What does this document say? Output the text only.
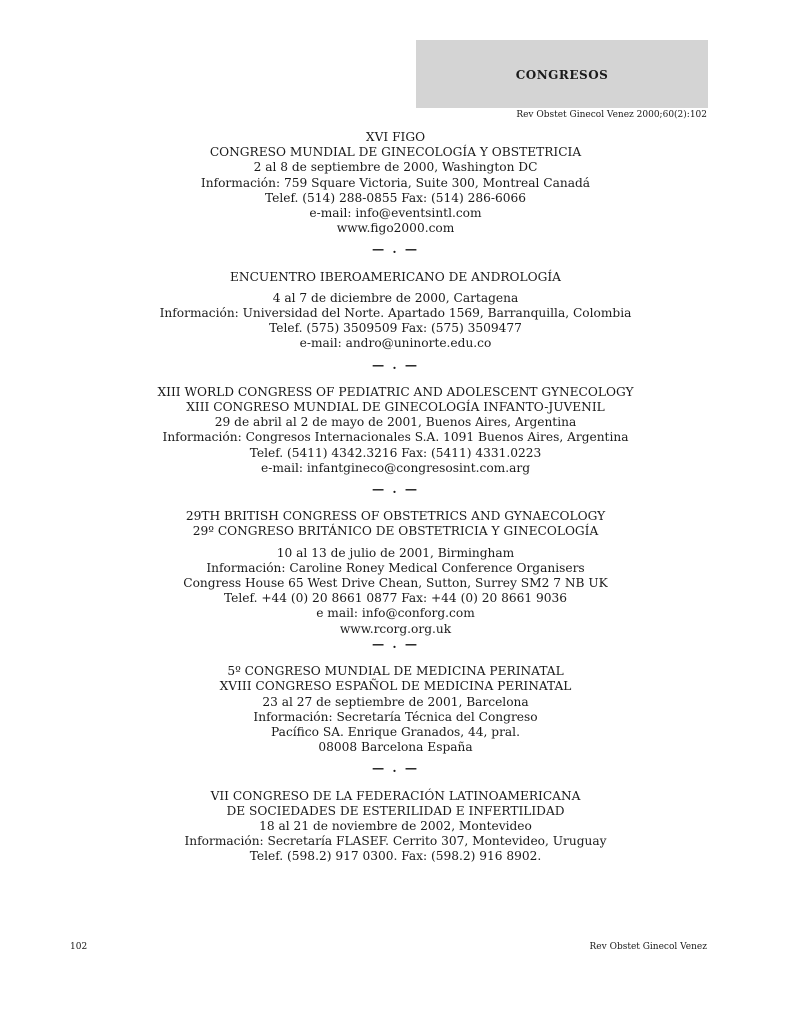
CONGRESOS
Rev Obstet Ginecol Venez 2000;60(2):102
XVI FIGO
CONGRESO MUNDIAL DE GINECOLOGÍA Y OBSTETRICIA
2 al 8 de septiembre de 2000, Washington DC
Información: 759 Square Victoria, Suite 300, Montreal Canadá
Telef. (514) 288-0855 Fax: (514) 286-6066
e-mail: info@eventsintl.com
www.figo2000.com
— . —
ENCUENTRO IBEROAMERICANO DE ANDROLOGÍA
4 al 7 de diciembre de 2000, Cartagena
Información: Universidad del Norte. Apartado 1569, Barranquilla, Colombia
Telef. (575) 3509509 Fax: (575) 3509477
e-mail: andro@uninorte.edu.co
— . —
XIII WORLD CONGRESS OF PEDIATRIC AND ADOLESCENT GYNECOLOGY
XIII CONGRESO MUNDIAL DE GINECOLOGÍA INFANTO-JUVENIL
29 de abril al 2 de mayo de 2001, Buenos Aires, Argentina
Información: Congresos Internacionales S.A. 1091 Buenos Aires, Argentina
Telef. (5411) 4342.3216 Fax: (5411) 4331.0223
e-mail: infantgineco@congresosint.com.arg
— . —
29TH BRITISH CONGRESS OF OBSTETRICS AND GYNAECOLOGY
29º CONGRESO BRITÁNICO DE OBSTETRICIA Y GINECOLOGÍA
10 al 13 de julio de 2001, Birmingham
Información: Caroline Roney Medical Conference Organisers
Congress House 65 West Drive Chean, Sutton, Surrey SM2 7 NB UK
Telef. +44 (0) 20 8661 0877 Fax: +44 (0) 20 8661 9036
e mail: info@conforg.com
www.rcorg.org.uk
— . —
5º CONGRESO MUNDIAL DE MEDICINA PERINATAL
XVIII CONGRESO ESPAÑOL DE MEDICINA PERINATAL
23 al 27 de septiembre de 2001, Barcelona
Información: Secretaría Técnica del Congreso
Pacífico SA. Enrique Granados, 44, pral.
08008 Barcelona España
— . —
VII CONGRESO DE LA FEDERACIÓN LATINOAMERICANA
DE SOCIEDADES DE ESTERILIDAD E INFERTILIDAD
18 al 21 de noviembre de 2002, Montevideo
Información: Secretaría FLASEF. Cerrito 307, Montevideo, Uruguay
Telef. (598.2) 917 0300. Fax: (598.2) 916 8902.
102	Rev Obstet Ginecol Venez
